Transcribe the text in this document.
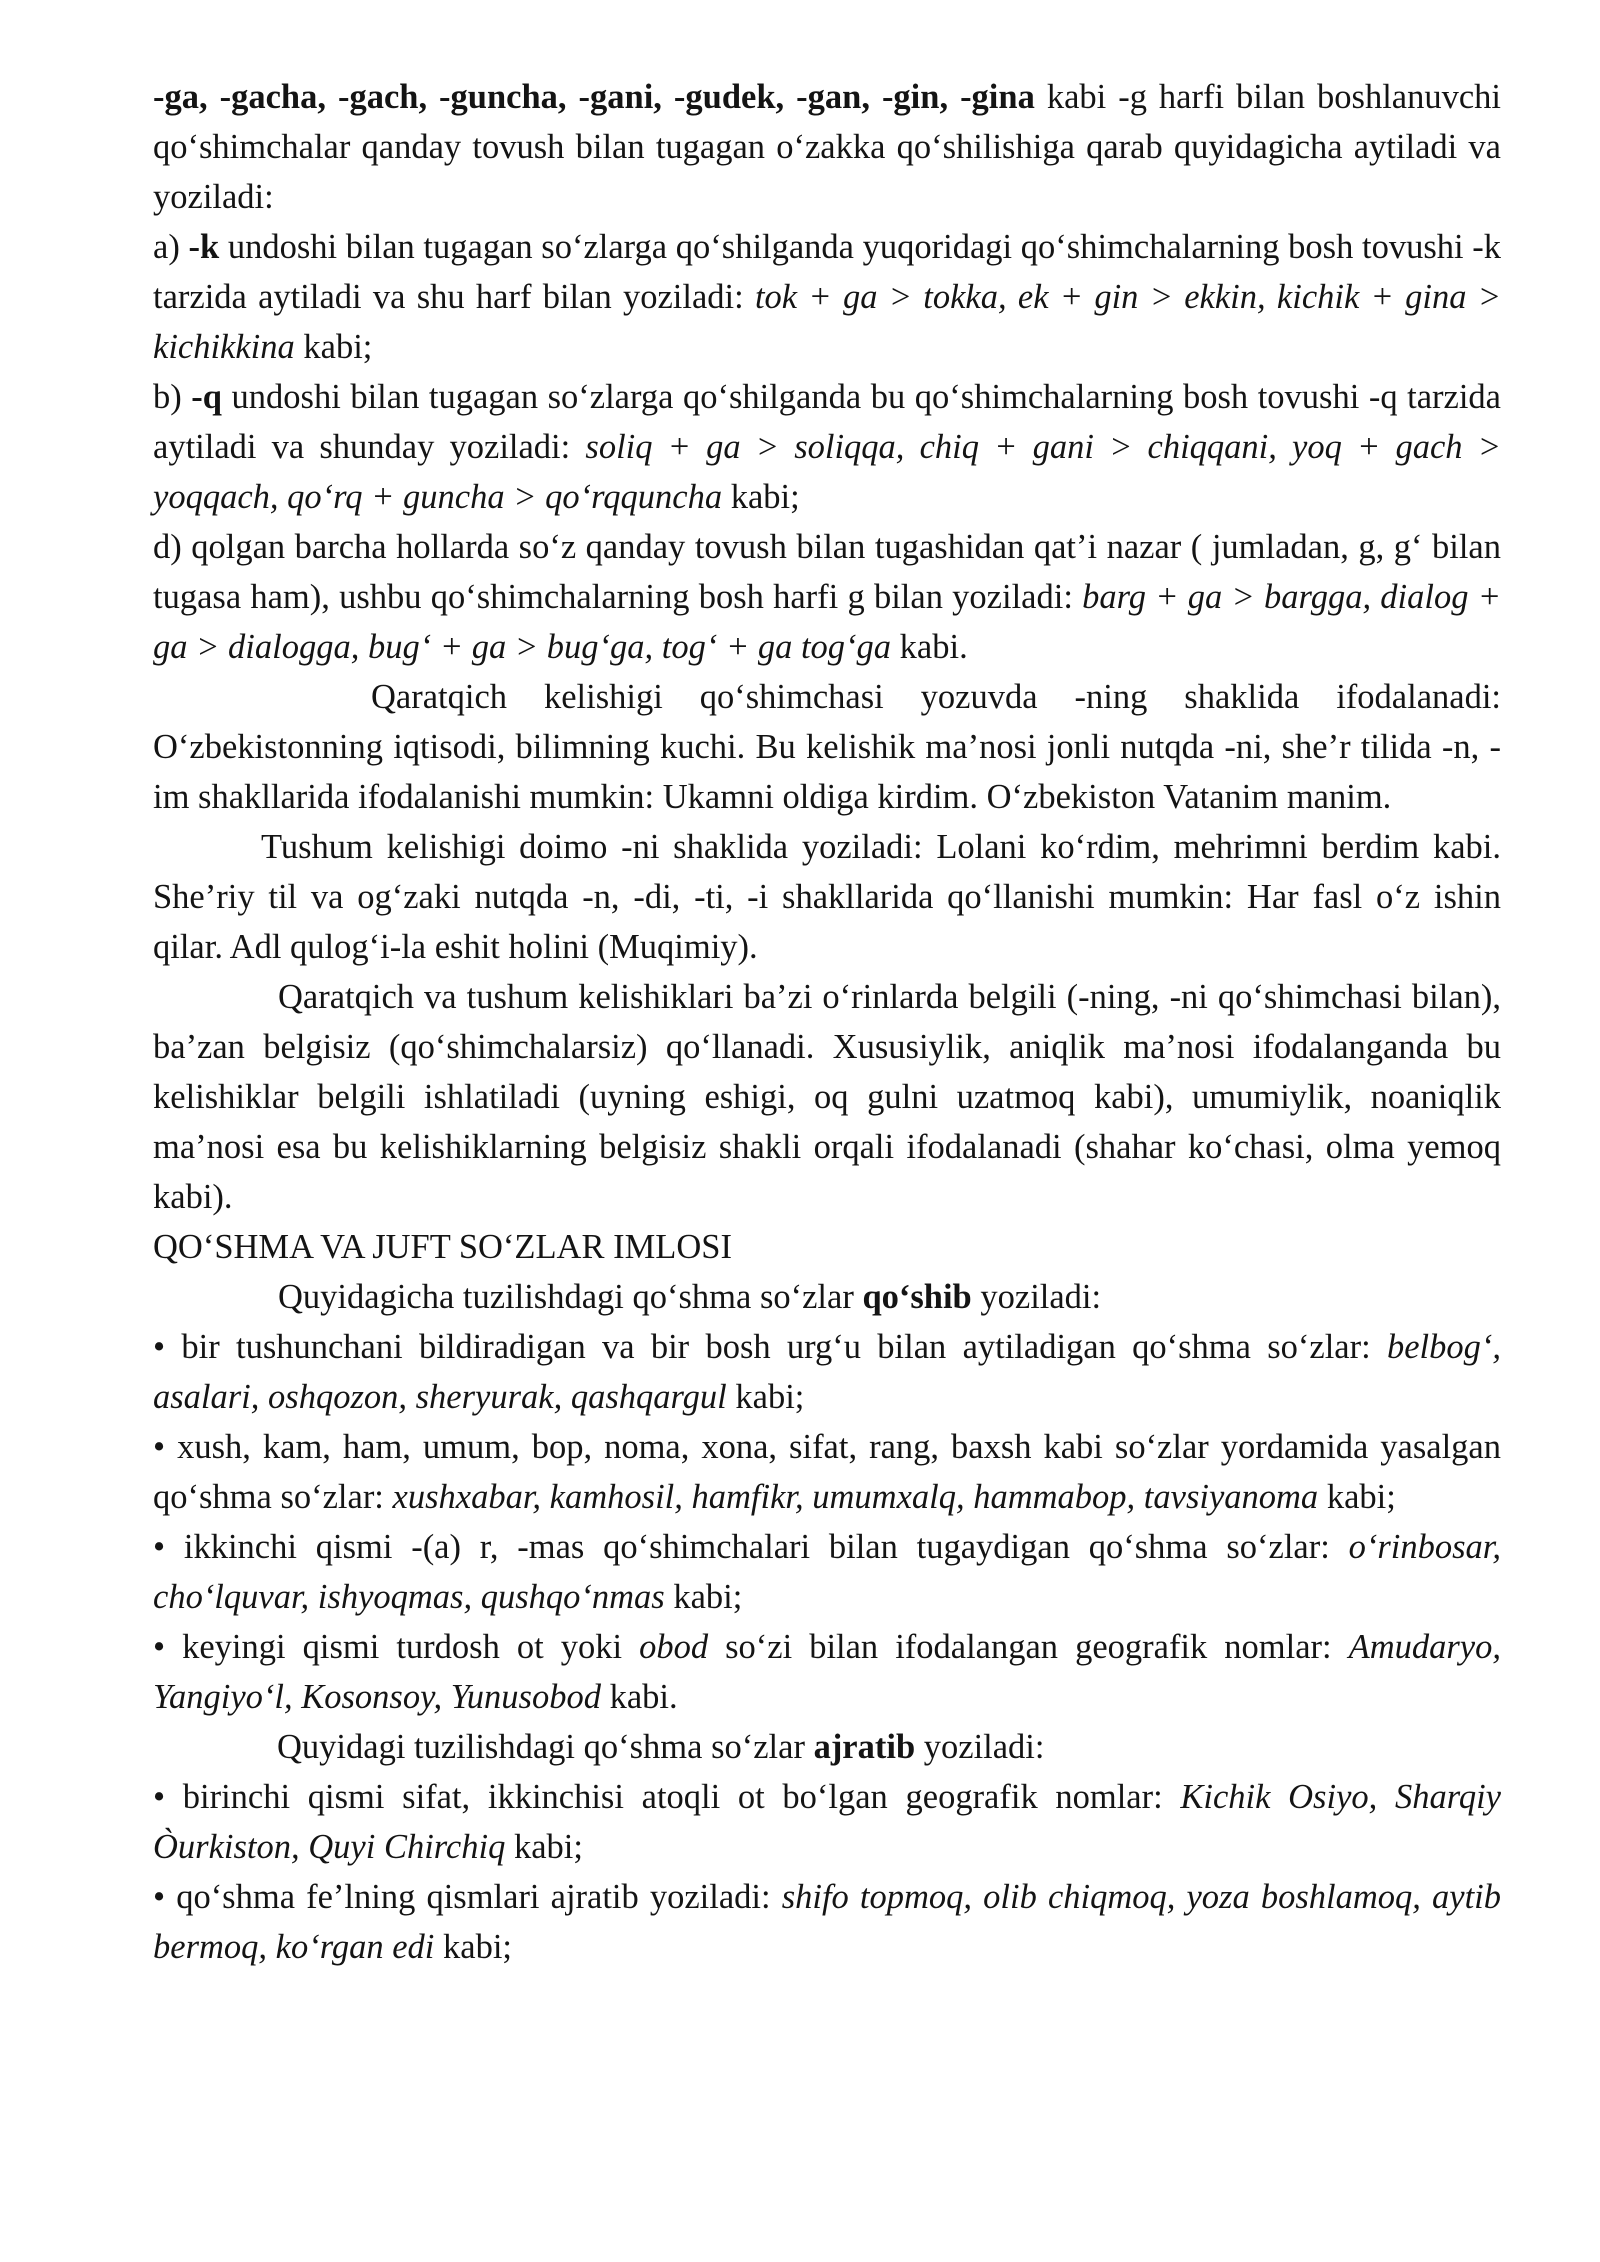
-ga, -gacha, -gach, -guncha, -gani, -gudek, -gan, -gin, -gina kabi -g harfi bilan boshlanuvchi qo‘shimchalar qanday tovush bilan tugagan o‘zakka qo‘shilishiga qarab quyidagicha aytiladi va yoziladi:

a) -k undoshi bilan tugagan so‘zlarga qo‘shilganda yuqoridagi qo‘shimchalarning bosh tovushi -k tarzida aytiladi va shu harf bilan yoziladi: tok + ga > tokka, ek + gin > ekkin, kichik + gina > kichikkina kabi;

b) -q undoshi bilan tugagan so‘zlarga qo‘shilganda bu qo‘shimchalarning bosh tovushi -q tarzida aytiladi va shunday yoziladi: soliq + ga > soliqqa, chiq + gani > chiqqani, yoq + gach > yoqqach, qo‘rq + guncha > qo‘rqquncha kabi;

d) qolgan barcha hollarda so‘z qanday tovush bilan tugashidan qat’i nazar ( jumladan, g, g‘ bilan tugasa ham), ushbu qo‘shimchalarning bosh harfi g bilan yoziladi: barg + ga > bargga, dialog + ga > dialogga, bug‘ + ga > bug‘ga, tog‘ + ga tog‘ga kabi.

Qaratqich kelishigi qo‘shimchasi yozuvda -ning shaklida ifodalanadi: O‘zbekistonning iqtisodi, bilimning kuchi. Bu kelishik ma’nosi jonli nutqda -ni, she’r tilida -n, -im shakllarida ifodalanishi mumkin: Ukamni oldiga kirdim. O‘zbekiston Vatanim manim.

Tushum kelishigi doimo -ni shaklida yoziladi: Lolani ko‘rdim, mehrimni berdim kabi. She’riy til va og‘zaki nutqda -n, -di, -ti, -i shakllarida qo‘llanishi mumkin: Har fasl o‘z ishin qilar. Adl qulog‘i-la eshit holini (Muqimiy).

Qaratqich va tushum kelishiklari ba’zi o‘rinlarda belgili (-ning, -ni qo‘shimchasi bilan), ba’zan belgisiz (qo‘shimchalarsiz) qo‘llanadi. Xususiylik, aniqlik ma’nosi ifodalanganda bu kelishiklar belgili ishlatiladi (uyning eshigi, oq gulni uzatmoq kabi), umumiylik, noaniqlik ma’nosi esa bu kelishiklarning belgisiz shakli orqali ifodalanadi (shahar ko‘chasi, olma yemoq kabi).

QO‘SHMA VA JUFT SO‘ZLAR IMLOSI

Quyidagicha tuzilishdagi qo‘shma so‘zlar qo‘shib yoziladi:

• bir tushunchani bildiradigan va bir bosh urg‘u bilan aytiladigan qo‘shma so‘zlar: belbog‘, asalari, oshqozon, sheryurak, qashqargul kabi;

• xush, kam, ham, umum, bop, noma, xona, sifat, rang, baxsh kabi so‘zlar yordamida yasalgan qo‘shma so‘zlar: xushxabar, kamhosil, hamfikr, umumxalq, hammabop, tavsiyanoma kabi;

• ikkinchi qismi -(a) r, -mas qo‘shimchalari bilan tugaydigan qo‘shma so‘zlar: o‘rinbosar, cho‘lquvar, ishyoqmas, qushqo‘nmas kabi;

• keyingi qismi turdosh ot yoki obod so‘zi bilan ifodalangan geografik nomlar: Amudaryo, Yangiyo‘l, Kosonsoy, Yunusobod kabi.

Quyidagi tuzilishdagi qo‘shma so‘zlar ajratib yoziladi:

• birinchi qismi sifat, ikkinchisi atoqli ot bo‘lgan geografik nomlar: Kichik Osiyo, Sharqiy Òurkiston, Quyi Chirchiq kabi;

• qo‘shma fe’lning qismlari ajratib yoziladi: shifo topmoq, olib chiqmoq, yoza boshlamoq, aytib bermoq, ko‘rgan edi kabi;
